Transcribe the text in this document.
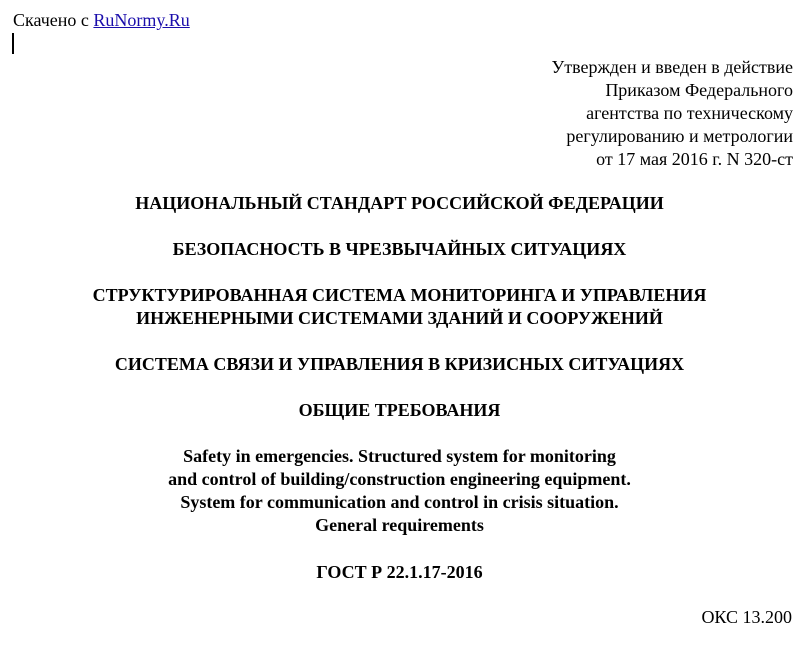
Скачено с RuNormy.Ru
Утвержден и введен в действие
Приказом Федерального
агентства по техническому
регулированию и метрологии
от 17 мая 2016 г. N 320-ст
НАЦИОНАЛЬНЫЙ СТАНДАРТ РОССИЙСКОЙ ФЕДЕРАЦИИ
БЕЗОПАСНОСТЬ В ЧРЕЗВЫЧАЙНЫХ СИТУАЦИЯХ
СТРУКТУРИРОВАННАЯ СИСТЕМА МОНИТОРИНГА И УПРАВЛЕНИЯ
ИНЖЕНЕРНЫМИ СИСТЕМАМИ ЗДАНИЙ И СООРУЖЕНИЙ
СИСТЕМА СВЯЗИ И УПРАВЛЕНИЯ В КРИЗИСНЫХ СИТУАЦИЯХ
ОБЩИЕ ТРЕБОВАНИЯ
Safety in emergencies. Structured system for monitoring
and control of building/construction engineering equipment.
System for communication and control in crisis situation.
General requirements
ГОСТ Р 22.1.17-2016
ОКС 13.200
